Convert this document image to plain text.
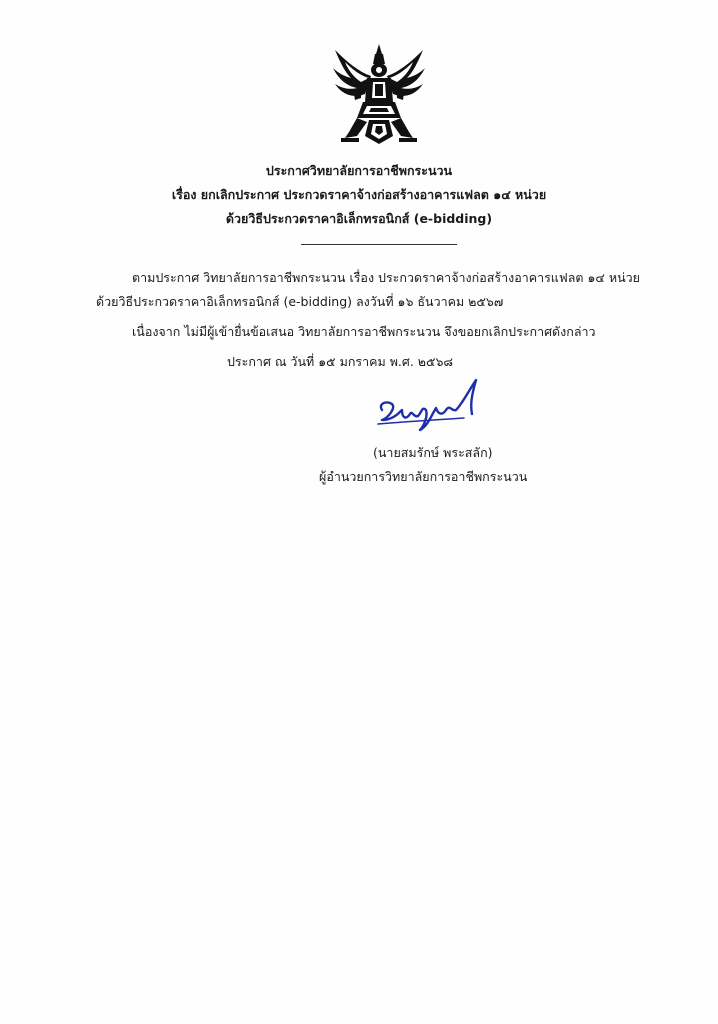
ประกาศวิทยาลัยการอาชีพกระนวน
เรื่อง ยกเลิกประกาศ ประกวดราคาจ้างก่อสร้างอาคารแฟลต ๑๔ หน่วย
ด้วยวิธีประกวดราคาอิเล็กทรอนิกส์ (e-bidding)
ตามประกาศ วิทยาลัยการอาชีพกระนวน เรื่อง ประกวดราคาจ้างก่อสร้างอาคารแฟลต ๑๔ หน่วย
ด้วยวิธีประกวดราคาอิเล็กทรอนิกส์ (e-bidding) ลงวันที่ ๑๖ ธันวาคม ๒๕๖๗
เนื่องจาก ไม่มีผู้เข้ายื่นข้อเสนอ วิทยาลัยการอาชีพกระนวน จึงขอยกเลิกประกาศดังกล่าว
ประกาศ ณ วันที่ ๑๕ มกราคม พ.ศ. ๒๕๖๘
(นายสมรักษ์ พระสลัก)
ผู้อำนวยการวิทยาลัยการอาชีพกระนวน
